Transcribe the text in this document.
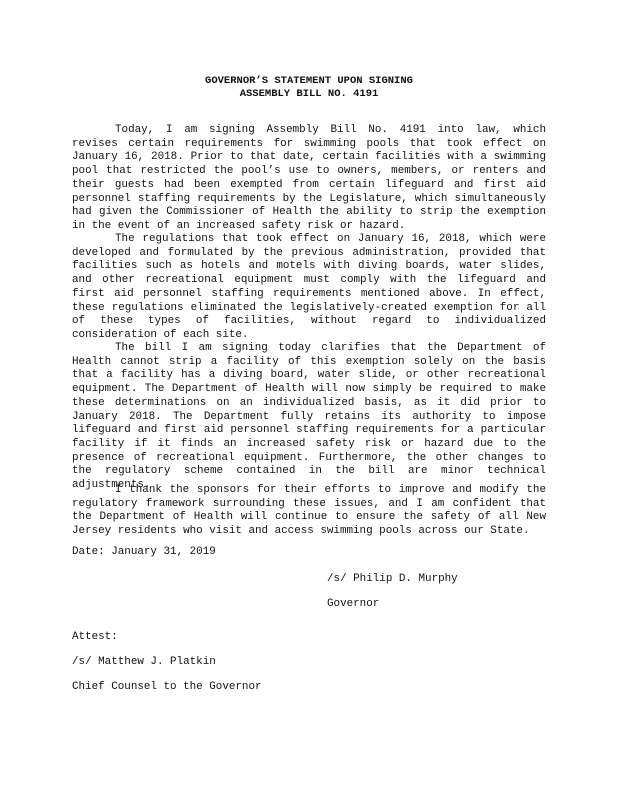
GOVERNOR’S STATEMENT UPON SIGNING
ASSEMBLY BILL NO. 4191

Today, I am signing Assembly Bill No. 4191 into law, which revises certain requirements for swimming pools that took effect on January 16, 2018. Prior to that date, certain facilities with a swimming pool that restricted the pool’s use to owners, members, or renters and their guests had been exempted from certain lifeguard and first aid personnel staffing requirements by the Legislature, which simultaneously had given the Commissioner of Health the ability to strip the exemption in the event of an increased safety risk or hazard.

The regulations that took effect on January 16, 2018, which were developed and formulated by the previous administration, provided that facilities such as hotels and motels with diving boards, water slides, and other recreational equipment must comply with the lifeguard and first aid personnel staffing requirements mentioned above. In effect, these regulations eliminated the legislatively-created exemption for all of these types of facilities, without regard to individualized consideration of each site.

The bill I am signing today clarifies that the Department of Health cannot strip a facility of this exemption solely on the basis that a facility has a diving board, water slide, or other recreational equipment. The Department of Health will now simply be required to make these determinations on an individualized basis, as it did prior to January 2018. The Department fully retains its authority to impose lifeguard and first aid personnel staffing requirements for a particular facility if it finds an increased safety risk or hazard due to the presence of recreational equipment. Furthermore, the other changes to the regulatory scheme contained in the bill are minor technical adjustments.

I thank the sponsors for their efforts to improve and modify the regulatory framework surrounding these issues, and I am confident that the Department of Health will continue to ensure the safety of all New Jersey residents who visit and access swimming pools across our State.

Date: January 31, 2019
/s/ Philip D. Murphy
Governor
Attest:
/s/ Matthew J. Platkin
Chief Counsel to the Governor
